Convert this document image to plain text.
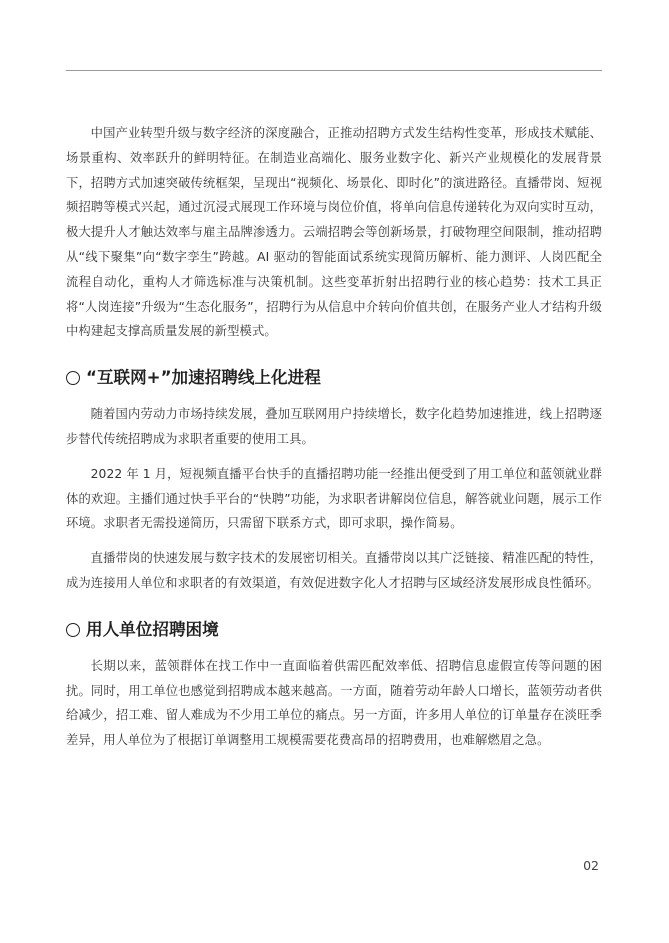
中国产业转型升级与数字经济的深度融合，正推动招聘方式发生结构性变革，形成技术赋能、场景重构、效率跃升的鲜明特征。在制造业高端化、服务业数字化、新兴产业规模化的发展背景下，招聘方式加速突破传统框架，呈现出“视频化、场景化、即时化”的演进路径。直播带岗、短视频招聘等模式兴起，通过沉浸式展现工作环境与岗位价值，将单向信息传递转化为双向实时互动，极大提升人才触达效率与雇主品牌渗透力。云端招聘会等创新场景，打破物理空间限制，推动招聘从“线下聚集”向“数字孪生”跨越。AI 驱动的智能面试系统实现简历解析、能力测评、人岗匹配全流程自动化，重构人才筛选标准与决策机制。这些变革折射出招聘行业的核心趋势：技术工具正将“人岗连接”升级为“生态化服务”，招聘行为从信息中介转向价值共创，在服务产业人才结构升级中构建起支撑高质量发展的新型模式。

“互联网+”加速招聘线上化进程

随着国内劳动力市场持续发展，叠加互联网用户持续增长，数字化趋势加速推进，线上招聘逐步替代传统招聘成为求职者重要的使用工具。

2022 年 1 月，短视频直播平台快手的直播招聘功能一经推出便受到了用工单位和蓝领就业群体的欢迎。主播们通过快手平台的“快聘”功能，为求职者讲解岗位信息，解答就业问题，展示工作环境。求职者无需投递简历，只需留下联系方式，即可求职，操作简易。

直播带岗的快速发展与数字技术的发展密切相关。直播带岗以其广泛链接、精准匹配的特性，成为连接用人单位和求职者的有效渠道，有效促进数字化人才招聘与区域经济发展形成良性循环。

用人单位招聘困境

长期以来，蓝领群体在找工作中一直面临着供需匹配效率低、招聘信息虚假宣传等问题的困扰。同时，用工单位也感觉到招聘成本越来越高。一方面，随着劳动年龄人口增长，蓝领劳动者供给减少，招工难、留人难成为不少用工单位的痛点。另一方面，许多用人单位的订单量存在淡旺季差异，用人单位为了根据订单调整用工规模需要花费高昂的招聘费用，也难解燃眉之急。

02
